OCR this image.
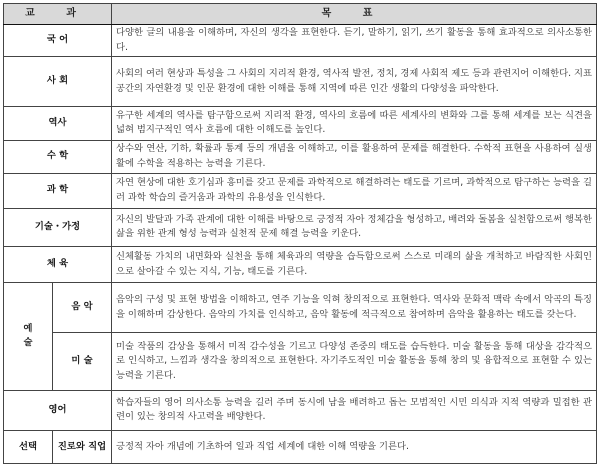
교 과		목 표
국 어		다양한 글의 내용을 이해하며, 자신의 생각을 표현한다. 듣기, 말하기, 읽기, 쓰기 활동을 통해 효과적으로 의사소통한다.
사 회		사회의 여러 현상과 특성을 그 사회의 지리적 환경, 역사적 발전, 정치, 경제 사회적 제도 등과 관련지어 이해한다. 지표 공간의 자연환경 및 인문 환경에 대한 이해를 통해 지역에 따른 인간 생활의 다양성을 파악한다.
역사		유구한 세계의 역사를 탐구함으로써 지리적 환경, 역사의 흐름에 따른 세계사의 변화와 그를 통해 세계를 보는 식견을 넓혀 범지구적인 역사 흐름에 대한 이해도를 높인다.
수 학		상수와 연산, 기하, 확률과 통계 등의 개념을 이해하고, 이를 활용하여 문제를 해결한다. 수학적 표현을 사용하여 실생활에 수학을 적용하는 능력을 기른다.
과 학		자연 현상에 대한 호기심과 흥미를 갖고 문제를 과학적으로 해결하려는 태도를 기르며, 과학적으로 탐구하는 능력을 길러 과학 학습의 즐거움과 과학의 유용성을 인식한다.
기술・가정		자신의 발달과 가족 관계에 대한 이해를 바탕으로 긍정적 자아 정체감을 형성하고, 배려와 돌봄을 실천함으로써 행복한 삶을 위한 관계 형성 능력과 실천적 문제 해결 능력을 키운다.
체 육		신체활동 가치의 내면화와 실천을 통해 체육과의 역량을 습득함으로써 스스로 미래의 삶을 개척하고 바람직한 사회인으로 살아갈 수 있는 지식, 기능, 태도를 기른다.
예 술	음 악	음악의 구성 및 표현 방법을 이해하고, 연주 기능을 익혀 창의적으로 표현한다. 역사와 문화적 맥락 속에서 악곡의 특징을 이해하며 감상한다. 음악의 가치를 인식하고, 음악 활동에 적극적으로 참여하며 음악을 활용하는 태도를 갖는다.
	미 술	미술 작품의 감상을 통해서 미적 감수성을 기르고 다양성 존중의 태도를 습득한다. 미술 활동을 통해 대상을 감각적으로 인식하고, 느낌과 생각을 창의적으로 표현한다. 자기주도적인 미술 활동을 통해 창의 및 융합적으로 표현할 수 있는 능력을 기른다.
영어		학습자들의 영어 의사소통 능력을 길러 주며 동시에 남을 배려하고 돕는 모범적인 시민 의식과 지적 역량과 밀접한 관련이 있는 창의적 사고력을 배양한다.
선택	진로와 직업	긍정적 자아 개념에 기초하여 일과 직업 세계에 대한 이해 역량을 기른다.
